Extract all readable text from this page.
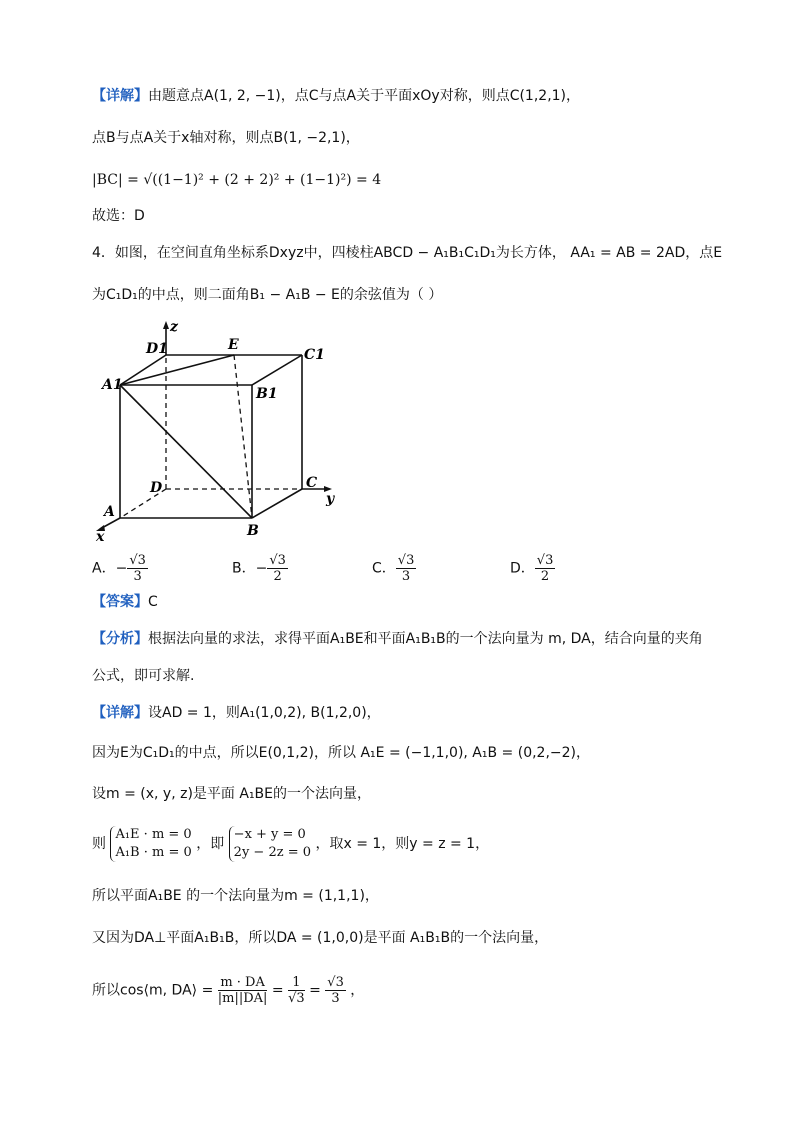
【详解】由题意点A(1, 2, −1)，点C与点A关于平面xOy对称，则点C(1,2,1)，
点B与点A关于x轴对称，则点B(1, −2,1)，
|BC| = √((1−1)² + (2 + 2)² + (1−1)²) = 4
故选：D
4．如图，在空间直角坐标系Dxyz中，四棱柱ABCD − A₁B₁C₁D₁为长方体， AA₁ = AB = 2AD，点E
为C₁D₁的中点，则二面角B₁ − A₁B − E的余弦值为（ ）
z
y
x
A
B
C
D
A1
B1
C1
D1	E
A．− $\frac{√3}{3}$	B．− $\frac{√3}{2}$	C． $\frac{√3}{3}$	D． $\frac{√3}{2}$
【答案】C
【分析】根据法向量的求法，求得平面A₁BE和平面A₁B₁B的一个法向量为 m, DA，结合向量的夹角
公式，即可求解.
【详解】设AD = 1，则A₁(1,0,2), B(1,2,0)，
因为E为C₁D₁的中点，所以E(0,1,2)，所以 A₁E = (−1,1,0), A₁B = (0,2,−2)，
设m = (x, y, z)是平面 A₁BE的一个法向量，
则
A₁E · m = 0
A₁B · m = 0
，即
−x + y = 0
2y − 2z = 0
，取x = 1，则y = z = 1，
所以平面A₁BE 的一个法向量为m = (1,1,1)，
又因为DA⊥平面A₁B₁B，所以DA = (1,0,0)是平面 A₁B₁B的一个法向量，
所以cos⟨m, DA⟩ = $\frac{m \cdot DA}{|m||DA|} = \frac{1}{√3} = \frac{√3}{3}$ ，
